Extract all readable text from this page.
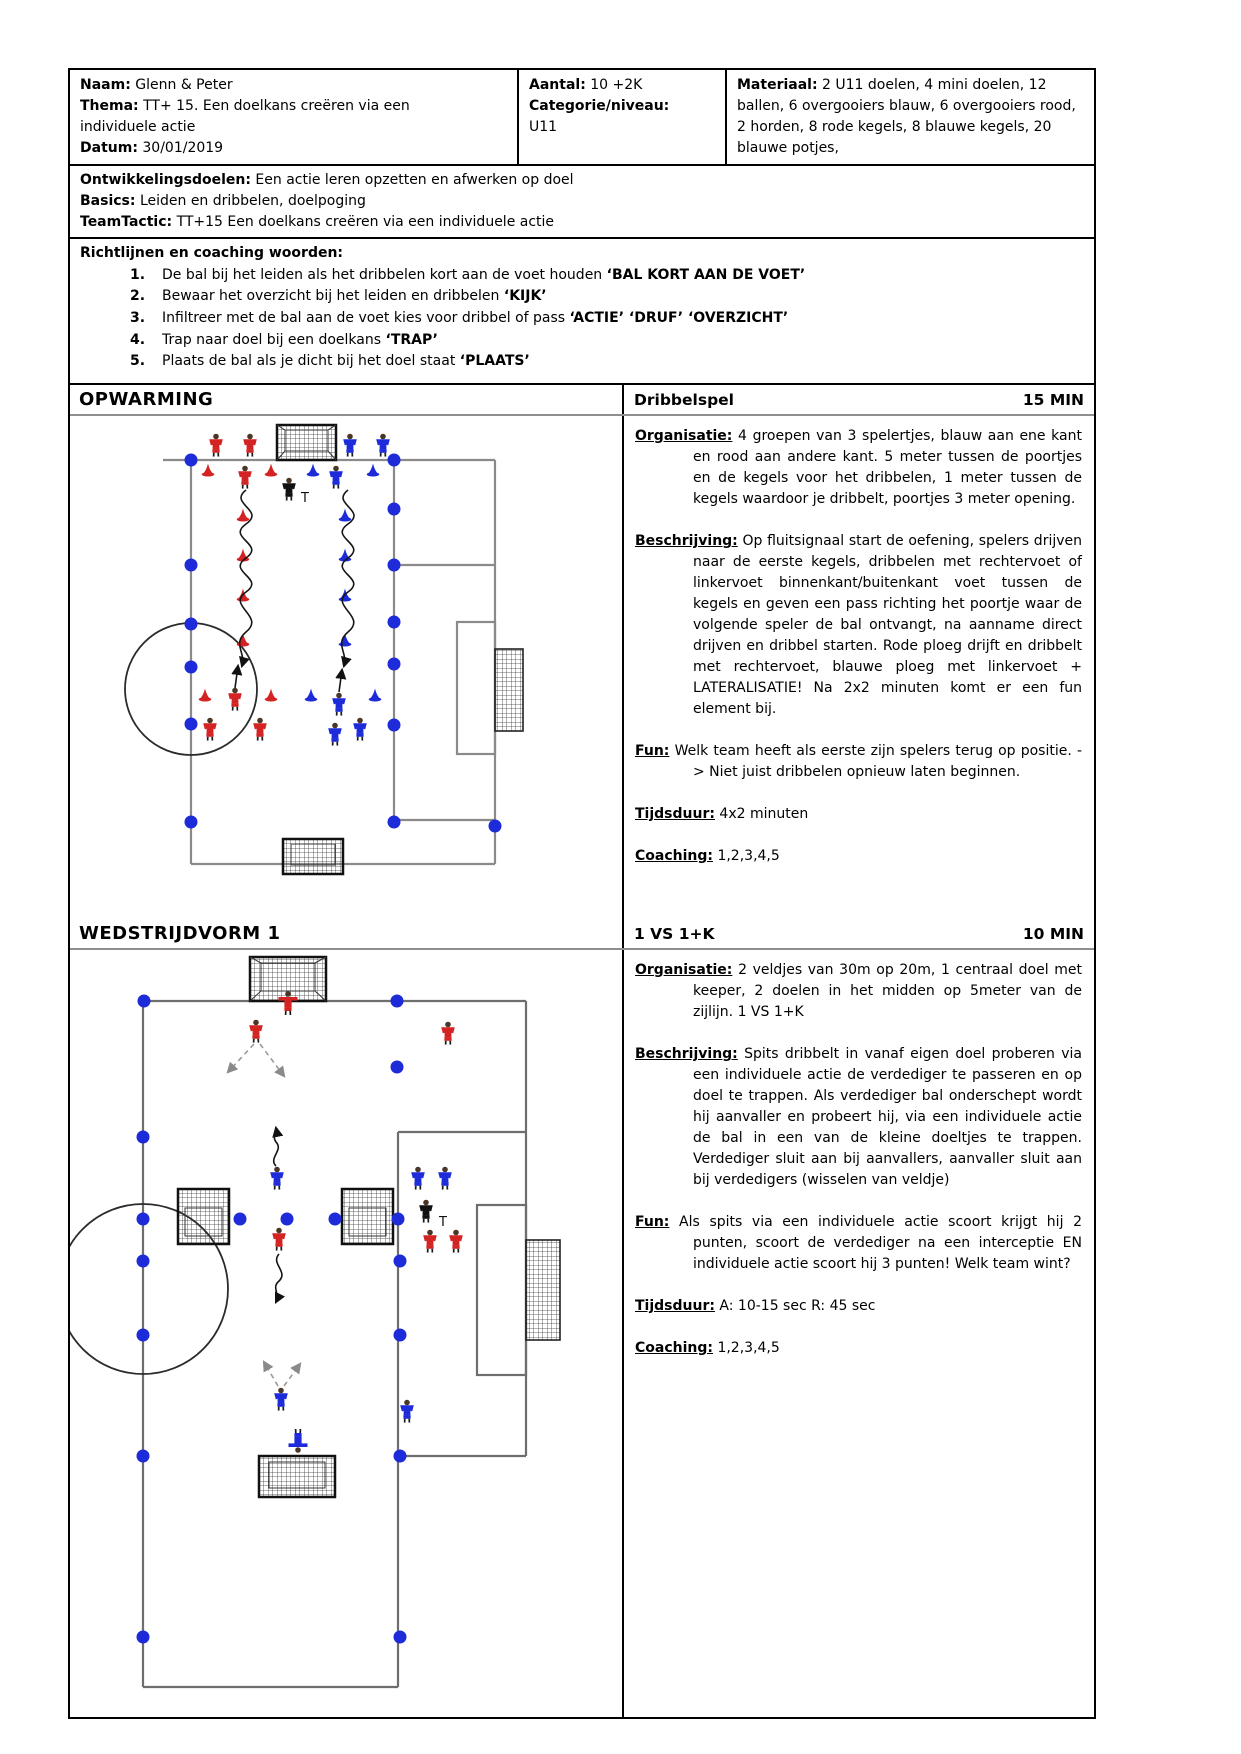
Naam: Glenn & Peter

Thema: TT+ 15. Een doelkans creëren via een individuele actie

Datum: 30/01/2019

Aantal: 10 +2K

Categorie/niveau:

U11

Materiaal: 2 U11 doelen, 4 mini doelen, 12 ballen, 6 overgooiers blauw, 6 overgooiers rood, 2 horden, 8 rode kegels, 8 blauwe kegels, 20 blauwe potjes,

Ontwikkelingsdoelen: Een actie leren opzetten en afwerken op doel

Basics: Leiden en dribbelen, doelpoging

TeamTactic: TT+15 Een doelkans creëren via een individuele actie

Richtlijnen en coaching woorden:

1.	De bal bij het leiden als het dribbelen kort aan de voet houden ‘BAL KORT AAN DE VOET’
2.	Bewaar het overzicht bij het leiden en dribbelen ‘KIJK’
3.	Infiltreer met de bal aan de voet kies voor dribbel of pass ‘ACTIE’ ‘DRUF’ ‘OVERZICHT’
4.	Trap naar doel bij een doelkans ‘TRAP’
5.	Plaats de bal als je dicht bij het doel staat ‘PLAATS’
OPWARMING	Dribbelspel	15 MIN
T

Organisatie: 4 groepen van 3 spelertjes, blauw aan ene kant en rood aan andere kant. 5 meter tussen de poortjes en de kegels voor het dribbelen, 1 meter tussen de kegels waardoor je dribbelt, poortjes 3 meter opening.

Beschrijving: Op fluitsignaal start de oefening, spelers drijven naar de eerste kegels, dribbelen met rechtervoet of linkervoet binnenkant/buitenkant voet tussen de kegels en geven een pass richting het poortje waar de volgende speler de bal ontvangt, na aanname direct drijven en dribbel starten. Rode ploeg drijft en dribbelt met rechtervoet, blauwe ploeg met linkervoet + LATERALISATIE! Na 2x2 minuten komt er een fun element bij.

Fun: Welk team heeft als eerste zijn spelers terug op positie. -> Niet juist dribbelen opnieuw laten beginnen.

Tijdsduur: 4x2 minuten

Coaching: 1,2,3,4,5

WEDSTRIJDVORM 1	1 VS 1+K	10 MIN
T

Organisatie: 2 veldjes van 30m op 20m, 1 centraal doel met keeper, 2 doelen in het midden op 5meter van de zijlijn. 1 VS 1+K

Beschrijving: Spits dribbelt in vanaf eigen doel proberen via een individuele actie de verdediger te passeren en op doel te trappen. Als verdediger bal onderschept wordt hij aanvaller en probeert hij, via een individuele actie de bal in een van de kleine doeltjes te trappen. Verdediger sluit aan bij aanvallers, aanvaller sluit aan bij verdedigers (wisselen van veldje)

Fun: Als spits via een individuele actie scoort krijgt hij 2 punten, scoort de verdediger na een interceptie EN individuele actie scoort hij 3 punten! Welk team wint?

Tijdsduur: A: 10-15 sec R: 45 sec

Coaching: 1,2,3,4,5
